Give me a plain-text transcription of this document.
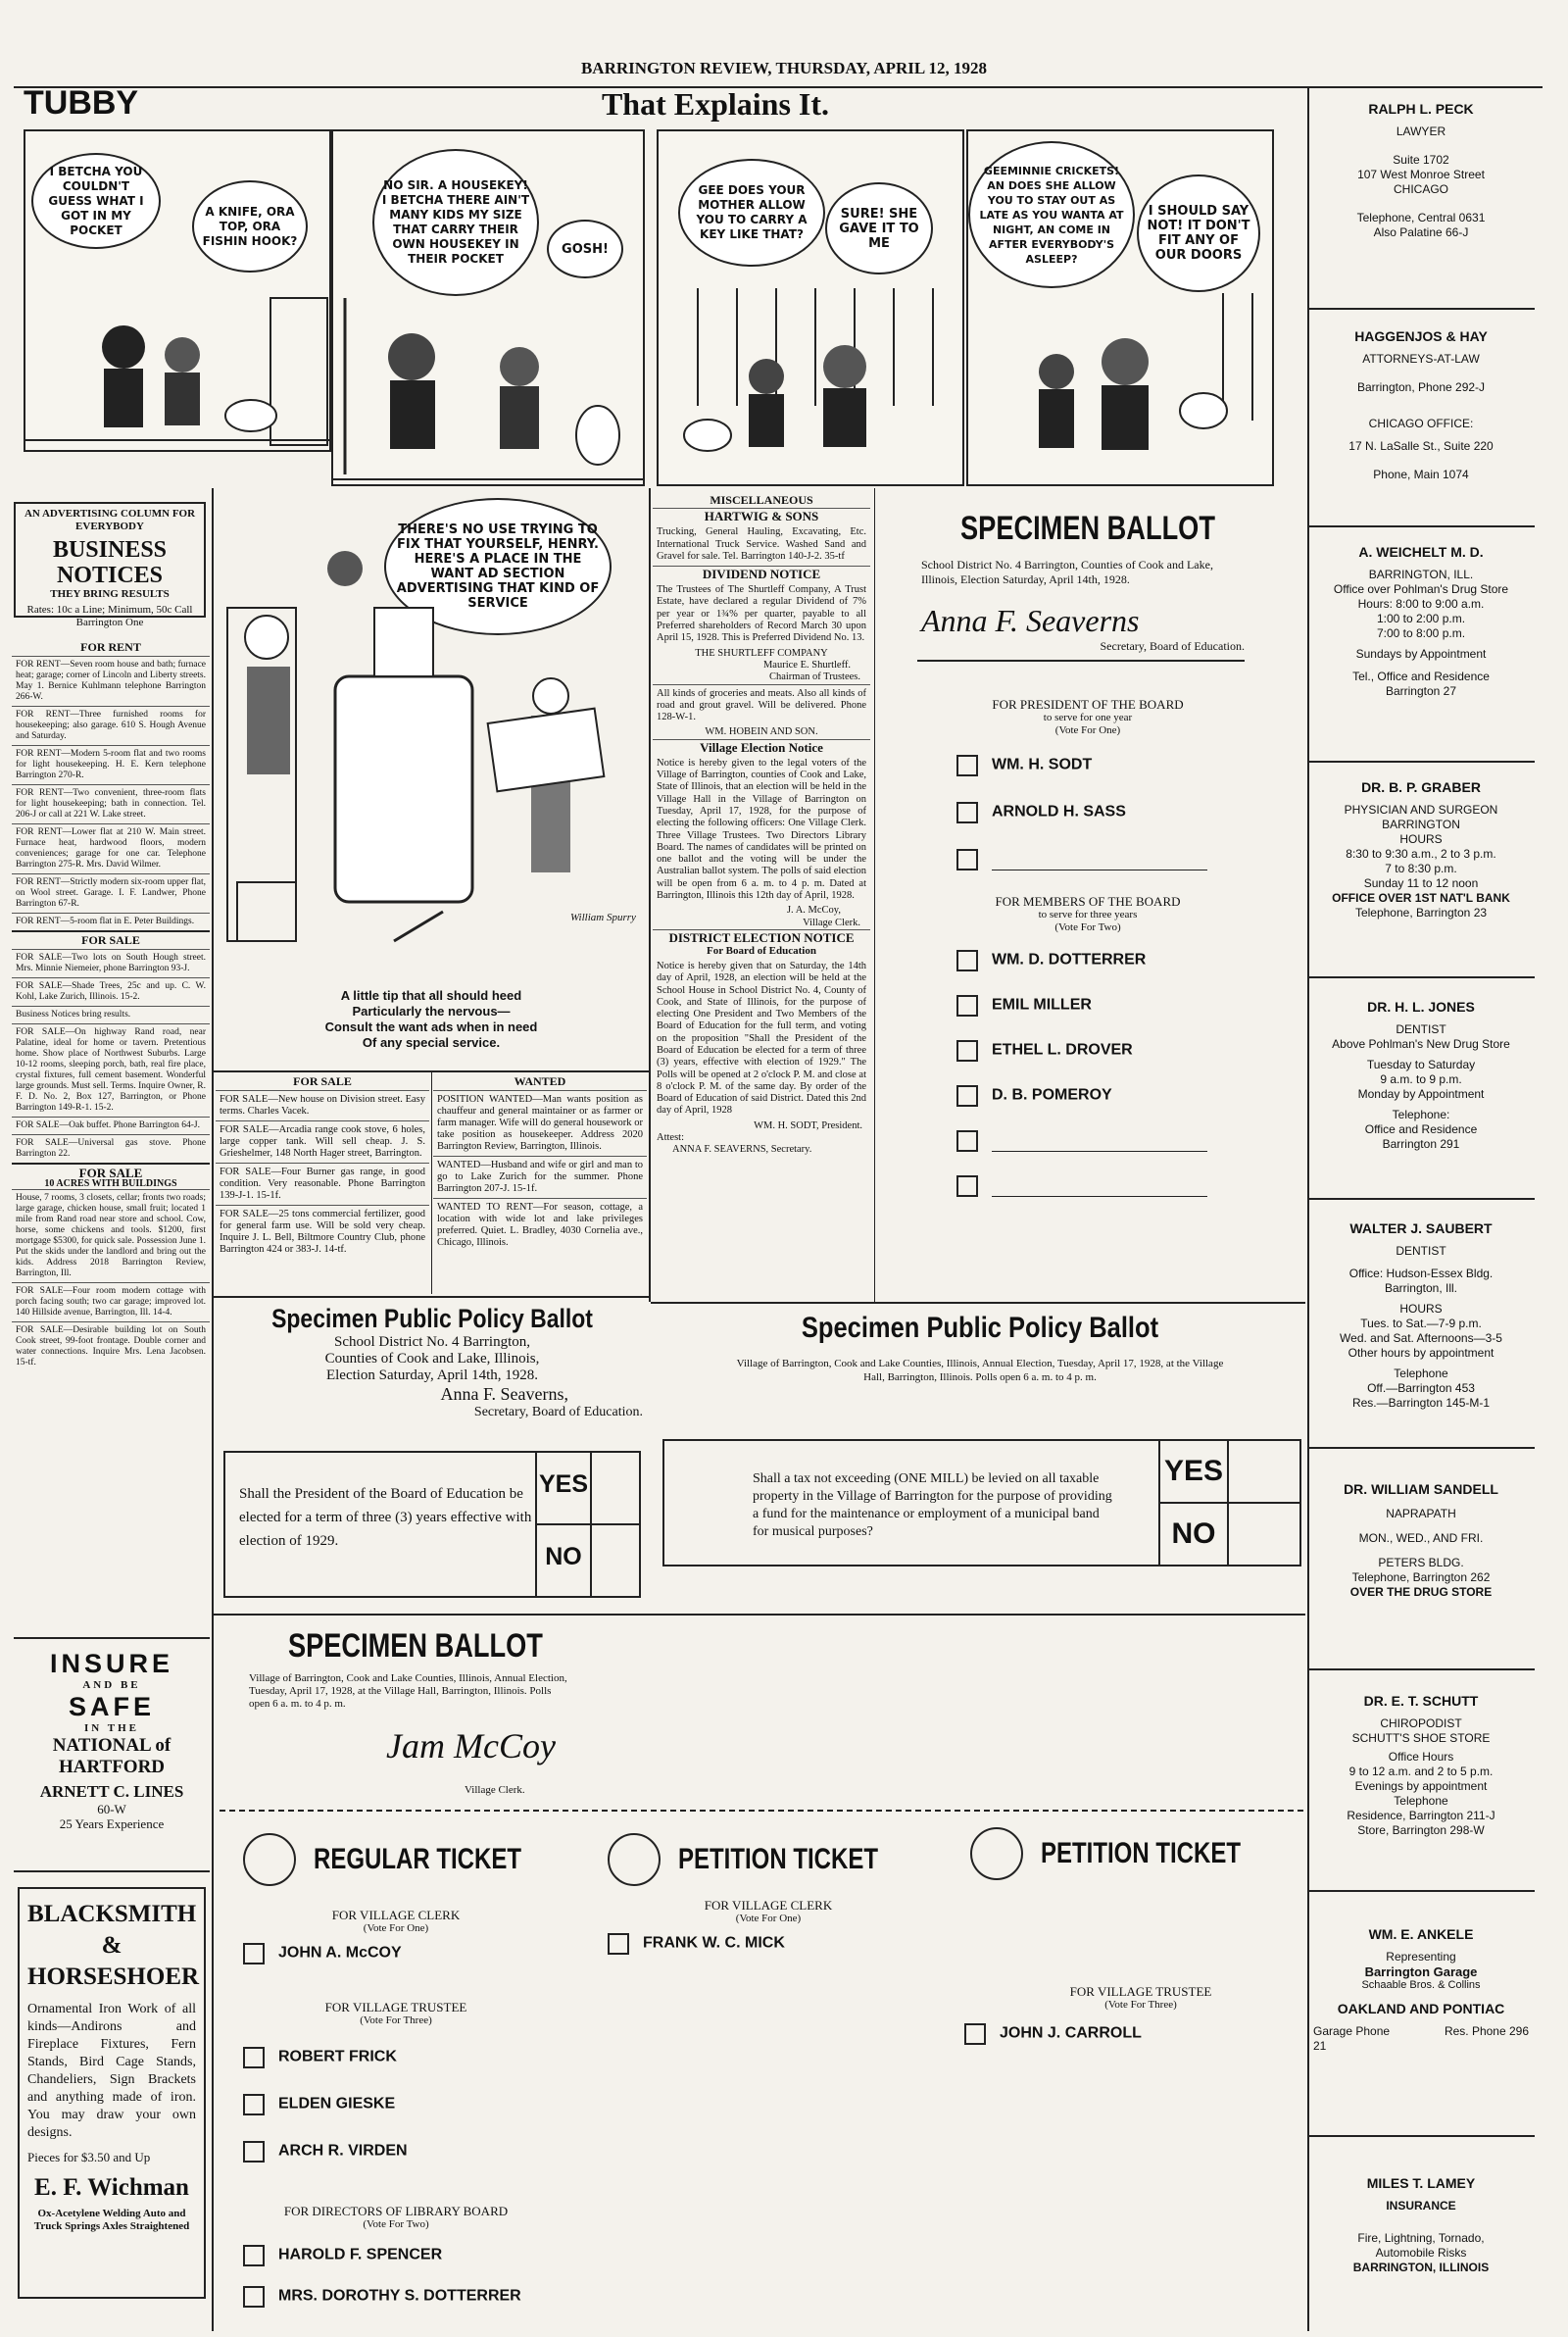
BARRINGTON REVIEW, THURSDAY, APRIL 12, 1928
TUBBY	That Explains It.
I BETCHA YOU COULDN'T GUESS WHAT I GOT IN MY POCKET
A KNIFE, ORA TOP, ORA FISHIN HOOK?
NO SIR. A HOUSEKEY! I BETCHA THERE AIN'T MANY KIDS MY SIZE THAT CARRY THEIR OWN HOUSEKEY IN THEIR POCKET
GOSH!
GEE DOES YOUR MOTHER ALLOW YOU TO CARRY A KEY LIKE THAT?
SURE! SHE GAVE IT TO ME
GEEMINNIE CRICKETS! AN DOES SHE ALLOW YOU TO STAY OUT AS LATE AS YOU WANTA AT NIGHT, AN COME IN AFTER EVERYBODY'S ASLEEP?
I SHOULD SAY NOT! IT DON'T FIT ANY OF OUR DOORS
AN ADVERTISING COLUMN FOR EVERYBODY
BUSINESS NOTICES
THEY BRING RESULTS
Rates: 10c a Line; Minimum, 50c Call Barrington One
FOR RENT

FOR RENT—Seven room house and bath; furnace heat; garage; corner of Lincoln and Liberty streets. May 1. Bernice Kuhlmann telephone Barrington 266-W.

FOR RENT—Three furnished rooms for housekeeping; also garage. 610 S. Hough Avenue and Saturday.

FOR RENT—Modern 5-room flat and two rooms for light housekeeping. H. E. Kern telephone Barrington 270-R.

FOR RENT—Two convenient, three-room flats for light housekeeping; bath in connection. Tel. 206-J or call at 221 W. Lake street.

FOR RENT—Lower flat at 210 W. Main street. Furnace heat, hardwood floors, modern conveniences; garage for one car. Telephone Barrington 275-R. Mrs. David Wilmer.

FOR RENT—Strictly modern six-room upper flat, on Wool street. Garage. I. F. Landwer, Phone Barrington 67-R.

FOR RENT—5-room flat in E. Peter Buildings.

FOR SALE

FOR SALE—Two lots on South Hough street. Mrs. Minnie Niemeier, phone Barrington 93-J.

FOR SALE—Shade Trees, 25c and up. C. W. Kohl, Lake Zurich, Illinois. 15-2.

Business Notices bring results.

FOR SALE—On highway Rand road, near Palatine, ideal for home or tavern. Pretentious home. Show place of Northwest Suburbs. Large 10-12 rooms, sleeping porch, bath, real fire place, crystal fixtures, full cement basement. Wonderful large grounds. Must sell. Terms. Inquire Owner, R. F. D. No. 2, Box 127, Barrington, or Phone Barrington 149-R-1. 15-2.

FOR SALE—Oak buffet. Phone Barrington 64-J.

FOR SALE—Universal gas stove. Phone Barrington 22.

FOR SALE
10 ACRES WITH BUILDINGS

House, 7 rooms, 3 closets, cellar; fronts two roads; large garage, chicken house, small fruit; located 1 mile from Rand road near store and school. Cow, horse, some chickens and tools. $1200, first mortgage $5300, for quick sale. Possession June 1. Put the skids under the landlord and bring out the kids. Address 2018 Barrington Review, Barrington, Ill.

FOR SALE—Four room modern cottage with porch facing south; two car garage; improved lot. 140 Hillside avenue, Barrington, Ill. 14-4.

FOR SALE—Desirable building lot on South Cook street, 99-foot frontage. Double corner and water connections. Inquire Mrs. Lena Jacobsen. 15-tf.

INSURE
AND BE
SAFE
IN THE
NATIONAL of
HARTFORD
ARNETT C. LINES
60-W
25 Years Experience
BLACKSMITH & HORSESHOER
Ornamental Iron Work of all kinds—Andirons and Fireplace Fixtures, Fern Stands, Bird Cage Stands, Chandeliers, Sign Brackets and anything made of iron. You may draw your own designs.
Pieces for $3.50 and Up
E. F. Wichman
Ox-Acetylene Welding Auto and Truck Springs Axles Straightened
THERE'S NO USE TRYING TO FIX THAT YOURSELF, HENRY. HERE'S A PLACE IN THE WANT AD SECTION ADVERTISING THAT KIND OF SERVICE
William Spurry
A little tip that all should heed
Particularly the nervous—
Consult the want ads when in need
Of any special service.
FOR SALE

FOR SALE—New house on Division street. Easy terms. Charles Vacek.

FOR SALE—Arcadia range cook stove, 6 holes, large copper tank. Will sell cheap. J. S. Grieshelmer, 148 North Hager street, Barrington.

FOR SALE—Four Burner gas range, in good condition. Very reasonable. Phone Barrington 139-J-1. 15-1f.

FOR SALE—25 tons commercial fertilizer, good for general farm use. Will be sold very cheap. Inquire J. L. Bell, Biltmore Country Club, phone Barrington 424 or 383-J. 14-tf.

WANTED

POSITION WANTED—Man wants position as chauffeur and general maintainer or as farmer or farm manager. Wife will do general housework or take position as housekeeper. Address 2020 Barrington Review, Barrington, Illinois.

WANTED—Husband and wife or girl and man to go to Lake Zurich for the summer. Phone Barrington 207-J. 15-1f.

WANTED TO RENT—For season, cottage, a location with wide lot and lake privileges preferred. Quiet. L. Bradley, 4030 Cornelia ave., Chicago, Illinois.

Specimen Public Policy Ballot
School District No. 4 Barrington,
Counties of Cook and Lake, Illinois,
Election Saturday, April 14th, 1928.
Anna F. Seaverns,
Secretary, Board of Education.
Shall the President of the Board of Education be elected for a term of three (3) years effective with election of 1929.
YES
NO
MISCELLANEOUS
HARTWIG & SONS

Trucking, General Hauling, Excavating, Etc. International Truck Service. Washed Sand and Gravel for sale. Tel. Barrington 140-J-2. 35-tf

DIVIDEND NOTICE

The Trustees of The Shurtleff Company, A Trust Estate, have declared a regular Dividend of 7% per year or 1¾% per quarter, payable to all Preferred shareholders of Record March 30 upon April 15, 1928. This is Preferred Dividend No. 13.

THE SHURTLEFF COMPANY
Maurice E. Shurtleff.
Chairman of Trustees.

All kinds of groceries and meats. Also all kinds of road and grout gravel. Will be delivered. Phone 128-W-1.

WM. HOBEIN AND SON.
Village Election Notice

Notice is hereby given to the legal voters of the Village of Barrington, counties of Cook and Lake, State of Illinois, that an election will be held in the Village Hall in the Village of Barrington on Tuesday, April 17, 1928, for the purpose of electing the following officers: One Village Clerk. Three Village Trustees. Two Directors Library Board. The names of candidates will be printed on one ballot and the voting will be under the Australian ballot system. The polls of said election will be open from 6 a. m. to 4 p. m. Dated at Barrington, Illinois this 12th day of April, 1928.

J. A. McCoy,
Village Clerk.
DISTRICT ELECTION NOTICE
For Board of Education

Notice is hereby given that on Saturday, the 14th day of April, 1928, an election will be held at the School House in School District No. 4, County of Cook, and State of Illinois, for the purpose of electing One President and Two Members of the Board of Education for the full term, and voting on the proposition "Shall the President of the Board of Education be elected for a term of three (3) years, effective with election of 1929." The Polls will be opened at 2 o'clock P. M. and close at 8 o'clock P. M. of the same day. By order of the Board of Education of said District. Dated this 2nd day of April, 1928

WM. H. SODT, President.
Attest:
ANNA F. SEAVERNS, Secretary.
SPECIMEN BALLOT
School District No. 4 Barrington, Counties of Cook and Lake, Illinois, Election Saturday, April 14th, 1928.
Anna F. Seaverns
Secretary, Board of Education.
FOR PRESIDENT OF THE BOARD
to serve for one year
(Vote For One)
WM. H. SODT
ARNOLD H. SASS
FOR MEMBERS OF THE BOARD
to serve for three years
(Vote For Two)
WM. D. DOTTERRER
EMIL MILLER
ETHEL L. DROVER
D. B. POMEROY
Specimen Public Policy Ballot
Village of Barrington, Cook and Lake Counties, Illinois, Annual Election, Tuesday, April 17, 1928, at the Village Hall, Barrington, Illinois. Polls open 6 a. m. to 4 p. m.
Shall a tax not exceeding (ONE MILL) be levied on all taxable property in the Village of Barrington for the purpose of providing a fund for the maintenance or employment of a municipal band for musical purposes?
YES
NO
SPECIMEN BALLOT
Village of Barrington, Cook and Lake Counties, Illinois, Annual Election, Tuesday, April 17, 1928, at the Village Hall, Barrington, Illinois. Polls open 6 a. m. to 4 p. m.
Jam McCoy
Village Clerk.
REGULAR TICKET
FOR VILLAGE CLERK
(Vote For One)
JOHN A. McCOY
FOR VILLAGE TRUSTEE
(Vote For Three)
ROBERT FRICK
ELDEN GIESKE
ARCH R. VIRDEN
FOR DIRECTORS OF LIBRARY BOARD
(Vote For Two)
HAROLD F. SPENCER
MRS. DOROTHY S. DOTTERRER
PETITION TICKET
FOR VILLAGE CLERK
(Vote For One)
FRANK W. C. MICK
PETITION TICKET
FOR VILLAGE TRUSTEE
(Vote For Three)
JOHN J. CARROLL
RALPH L. PECK
LAWYER
Suite 1702
107 West Monroe Street
CHICAGO
Telephone, Central 0631
Also Palatine 66-J
HAGGENJOS & HAY
ATTORNEYS-AT-LAW
Barrington, Phone 292-J
CHICAGO OFFICE:
17 N. LaSalle St., Suite 220
Phone, Main 1074
A. WEICHELT M. D.
BARRINGTON, ILL.
Office over Pohlman's Drug Store
Hours: 8:00 to 9:00 a.m.
1:00 to 2:00 p.m.
7:00 to 8:00 p.m.
Sundays by Appointment
Tel., Office and Residence
Barrington 27
DR. B. P. GRABER
PHYSICIAN AND SURGEON
BARRINGTON
HOURS
8:30 to 9:30 a.m., 2 to 3 p.m.
7 to 8:30 p.m.
Sunday 11 to 12 noon
OFFICE OVER 1ST NAT'L BANK
Telephone, Barrington 23
DR. H. L. JONES
DENTIST
Above Pohlman's New Drug Store
Tuesday to Saturday
9 a.m. to 9 p.m.
Monday by Appointment
Telephone:
Office and Residence
Barrington 291
WALTER J. SAUBERT
DENTIST
Office: Hudson-Essex Bldg.
Barrington, Ill.
HOURS
Tues. to Sat.—7-9 p.m.
Wed. and Sat. Afternoons—3-5
Other hours by appointment
Telephone
Off.—Barrington 453
Res.—Barrington 145-M-1
DR. WILLIAM SANDELL
NAPRAPATH
MON., WED., AND FRI.
PETERS BLDG.
Telephone, Barrington 262
OVER THE DRUG STORE
DR. E. T. SCHUTT
CHIROPODIST
SCHUTT'S SHOE STORE
Office Hours
9 to 12 a.m. and 2 to 5 p.m.
Evenings by appointment
Telephone
Residence, Barrington 211-J
Store, Barrington 298-W
WM. E. ANKELE
Representing
Barrington Garage
Schaable Bros. & Collins
OAKLAND AND PONTIAC
Garage Phone 21
Res. Phone 296
MILES T. LAMEY
INSURANCE
Fire, Lightning, Tornado,
Automobile Risks
BARRINGTON, ILLINOIS
